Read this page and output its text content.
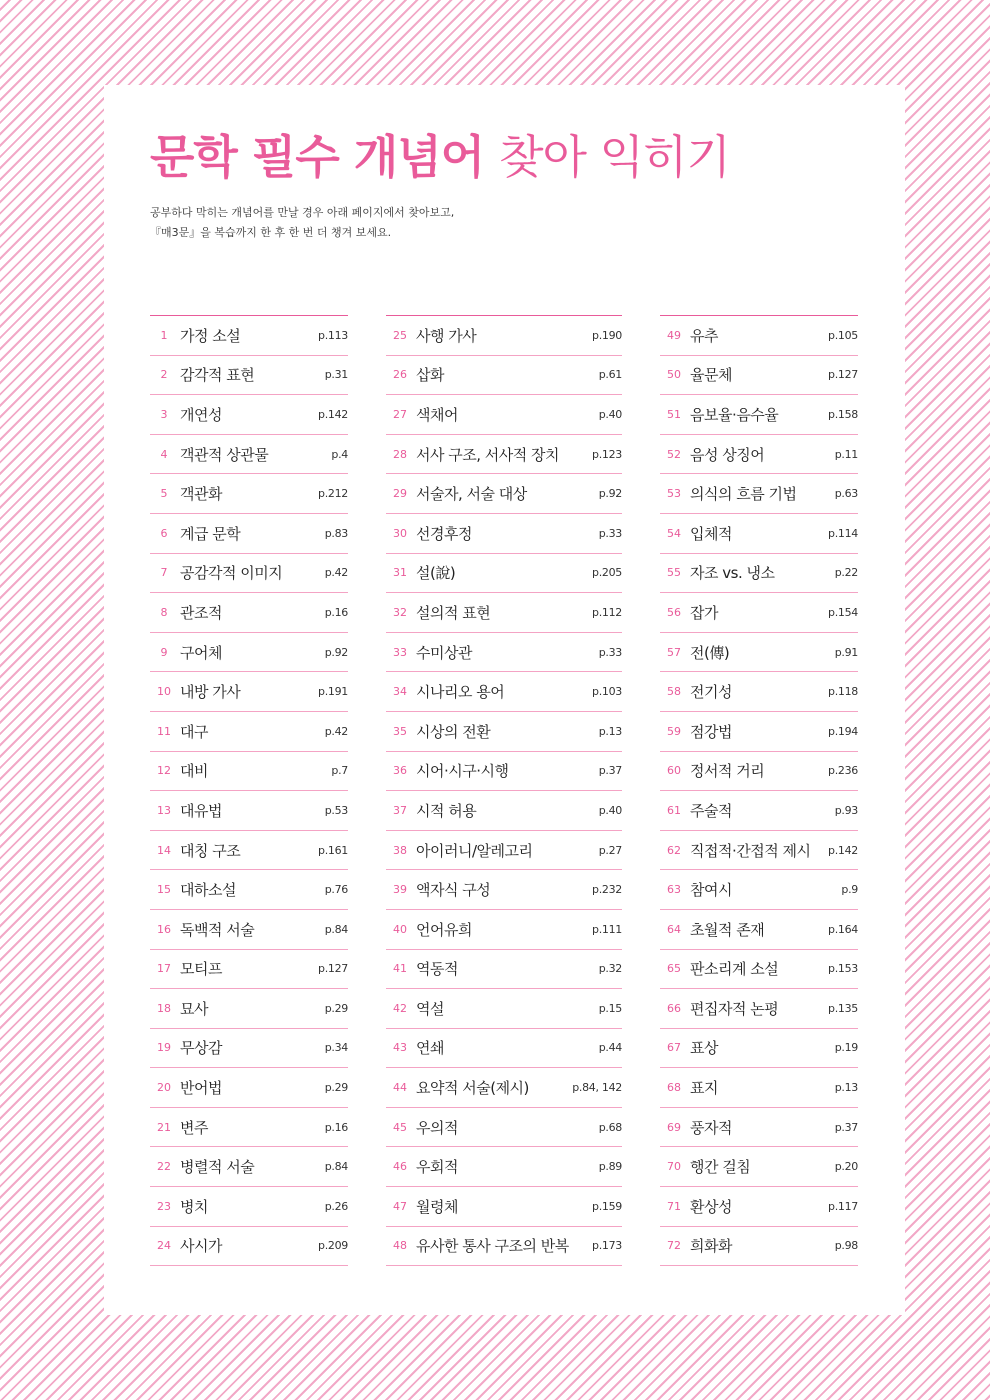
문학 필수 개념어 찾아 익히기

공부하다 막히는 개념어를 만날 경우 아래 페이지에서 찾아보고,
『매3문』을 복습까지 한 후 한 번 더 챙겨 보세요.

1 가정 소설	p.113
2 감각적 표현	p.31
3 개연성	p.142
4 객관적 상관물	p.4
5 객관화	p.212
6 계급 문학	p.83
7 공감각적 이미지	p.42
8 관조적	p.16
9 구어체	p.92
10 내방 가사	p.191
11 대구	p.42
12 대비	p.7
13 대유법	p.53
14 대칭 구조	p.161
15 대하소설	p.76
16 독백적 서술	p.84
17 모티프	p.127
18 묘사	p.29
19 무상감	p.34
20 반어법	p.29
21 변주	p.16
22 병렬적 서술	p.84
23 병치	p.26
24 사시가	p.209
25 사행 가사	p.190
26 삽화	p.61
27 색채어	p.40
28 서사 구조, 서사적 장치	p.123
29 서술자, 서술 대상	p.92
30 선경후정	p.33
31 설(說)	p.205
32 설의적 표현	p.112
33 수미상관	p.33
34 시나리오 용어	p.103
35 시상의 전환	p.13
36 시어·시구·시행	p.37
37 시적 허용	p.40
38 아이러니/알레고리	p.27
39 액자식 구성	p.232
40 언어유희	p.111
41 역동적	p.32
42 역설	p.15
43 연쇄	p.44
44 요약적 서술(제시)	p.84, 142
45 우의적	p.68
46 우회적	p.89
47 월령체	p.159
48 유사한 통사 구조의 반복	p.173
49 유추	p.105
50 율문체	p.127
51 음보율·음수율	p.158
52 음성 상징어	p.11
53 의식의 흐름 기법	p.63
54 입체적	p.114
55 자조 vs. 냉소	p.22
56 잡가	p.154
57 전(傳)	p.91
58 전기성	p.118
59 점강법	p.194
60 정서적 거리	p.236
61 주술적	p.93
62 직접적·간접적 제시	p.142
63 참여시	p.9
64 초월적 존재	p.164
65 판소리계 소설	p.153
66 편집자적 논평	p.135
67 표상	p.19
68 표지	p.13
69 풍자적	p.37
70 행간 걸침	p.20
71 환상성	p.117
72 희화화	p.98
